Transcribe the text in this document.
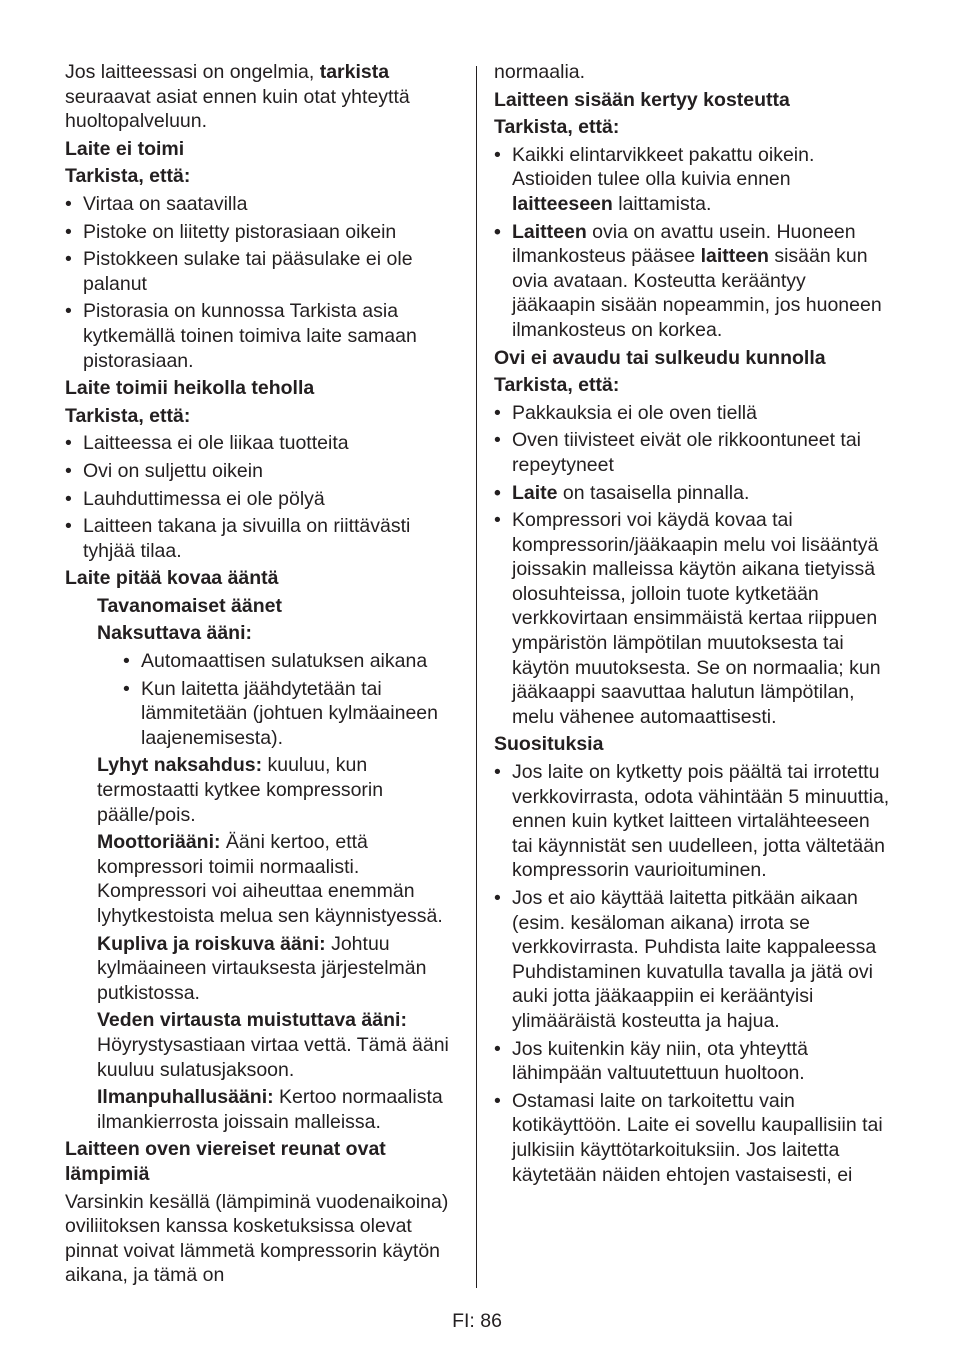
Jos laitteessasi on ongelmia, tarkista seuraavat asiat ennen kuin otat yhteyttä huoltopalveluun.

Laite ei toimi

Tarkista, että:

• Virtaa on saatavilla
• Pistoke on liitetty pistorasiaan oikein
• Pistokkeen sulake tai pääsulake ei ole palanut
• Pistorasia on kunnossa Tarkista asia kytkemällä toinen toimiva laite samaan pistorasiaan.

Laite toimii heikolla teholla

Tarkista, että:

• Laitteessa ei ole liikaa tuotteita
• Ovi on suljettu oikein
• Lauhduttimessa ei ole pölyä
• Laitteen takana ja sivuilla on riittävästi tyhjää tilaa.

Laite pitää kovaa ääntä

Tavanomaiset äänet

Naksuttava ääni:

• Automaattisen sulatuksen aikana
• Kun laitetta jäähdytetään tai lämmitetään (johtuen kylmäaineen laajenemisesta).

Lyhyt naksahdus: kuuluu, kun termostaatti kytkee kompressorin päälle/pois.

Moottoriääni: Ääni kertoo, että kompressori toimii normaalisti. Kompressori voi aiheuttaa enemmän lyhytkestoista melua sen käynnistyessä.

Kupliva ja roiskuva ääni: Johtuu kylmäaineen virtauksesta järjestelmän putkistossa.

Veden virtausta muistuttava ääni: Höyrystysastiaan virtaa vettä. Tämä ääni kuuluu sulatusjaksoon.

Ilmanpuhallusääni: Kertoo normaalista ilmankierrosta joissain malleissa.

Laitteen oven viereiset reunat ovat lämpimiä

Varsinkin kesällä (lämpiminä vuodenaikoina) oviliitoksen kanssa kosketuksissa olevat pinnat voivat lämmetä kompressorin käytön aikana, ja tämä on

normaalia.

Laitteen sisään kertyy kosteutta

Tarkista, että:

• Kaikki elintarvikkeet pakattu oikein. Astioiden tulee olla kuivia ennen laitteeseen laittamista.
• Laitteen ovia on avattu usein. Huoneen ilmankosteus pääsee laitteen sisään kun ovia avataan. Kosteutta kerääntyy jääkaapin sisään nopeammin, jos huoneen ilmankosteus on korkea.

Ovi ei avaudu tai sulkeudu kunnolla

Tarkista, että:

• Pakkauksia ei ole oven tiellä
• Oven tiivisteet eivät ole rikkoontuneet tai repeytyneet
• Laite on tasaisella pinnalla.
• Kompressori voi käydä kovaa tai kompressorin/jääkaapin melu voi lisääntyä joissakin malleissa käytön aikana tietyissä olosuhteissa, jolloin tuote kytketään verkkovirtaan ensimmäistä kertaa riippuen ympäristön lämpötilan muutoksesta tai käytön muutoksesta. Se on normaalia; kun jääkaappi saavuttaa halutun lämpötilan, melu vähenee automaattisesti.

Suosituksia

• Jos laite on kytketty pois päältä tai irrotettu verkkovirrasta, odota vähintään 5 minuuttia, ennen kuin kytket laitteen virtalähteeseen tai käynnistät sen uudelleen, jotta vältetään kompressorin vaurioituminen.
• Jos et aio käyttää laitetta pitkään aikaan (esim. kesäloman aikana) irrota se verkkovirrasta. Puhdista laite kappaleessa Puhdistaminen kuvatulla tavalla ja jätä ovi auki jotta jääkaappiin ei kerääntyisi ylimääräistä kosteutta ja hajua.
• Jos kuitenkin käy niin, ota yhteyttä lähimpään valtuutettuun huoltoon.
• Ostamasi laite on tarkoitettu vain kotikäyttöön. Laite ei sovellu kaupallisiin tai julkisiin käyttötarkoituksiin. Jos laitetta käytetään näiden ehtojen vastaisesti, ei
FI: 86
